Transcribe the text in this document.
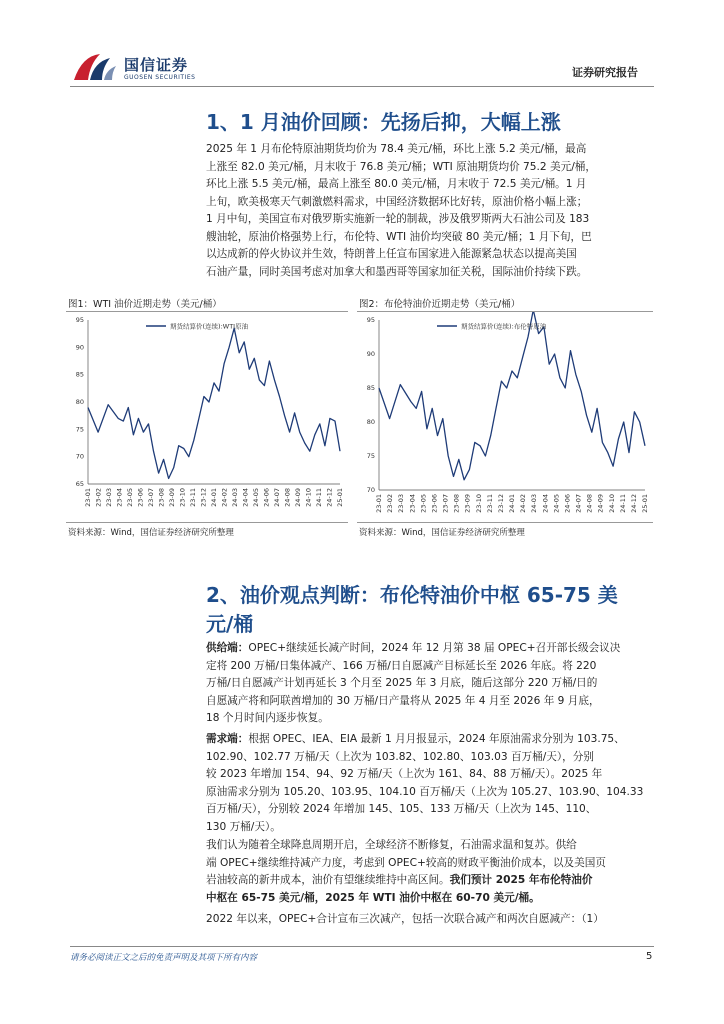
国信证券
GUOSEN SECURITIES	证券研究报告
1、1 月油价回顾：先扬后抑，大幅上涨
2025 年 1 月布伦特原油期货均价为 78.4 美元/桶，环比上涨 5.2 美元/桶，最高
上涨至 82.0 美元/桶，月末收于 76.8 美元/桶；WTI 原油期货均价 75.2 美元/桶，
环比上涨 5.5 美元/桶，最高上涨至 80.0 美元/桶，月末收于 72.5 美元/桶。1 月
上旬，欧美极寒天气刺激燃料需求，中国经济数据环比好转，原油价格小幅上涨；
1 月中旬，美国宣布对俄罗斯实施新一轮的制裁，涉及俄罗斯两大石油公司及 183
艘油轮，原油价格强势上行，布伦特、WTI 油价均突破 80 美元/桶；1 月下旬，巴
以达成新的停火协议并生效，特朗普上任宣布国家进入能源紧急状态以提高美国
石油产量，同时美国考虑对加拿大和墨西哥等国家加征关税，国际油价持续下跌。
图1：WTI 油价近期走势（美元/桶）
65
70
75
80
85
90
95
23-01 23-02 23-03 23-04 23-05 23-06 23-07 23-08 23-09 23-10 23-11 23-12 24-01 24-02 24-03 24-04 24-05 24-06 24-07 24-08 24-09 24-10 24-11 24-12 25-01
期货结算价(连续):WTI原油
资料来源：Wind，国信证券经济研究所整理
图2：布伦特油价近期走势（美元/桶）
70
75
80
85
90
95
23-01 23-02 23-03 23-04 23-05 23-06 23-07 23-08 23-09 23-10 23-11 23-12 24-01 24-02 24-03 24-04 24-05 24-06 24-07 24-08 24-09 24-10 24-11 24-12 25-01
期货结算价(连续):布伦特原油
资料来源：Wind，国信证券经济研究所整理
2、油价观点判断：布伦特油价中枢 65-75 美
元/桶
供给端：OPEC+继续延长减产时间，2024 年 12 月第 38 届 OPEC+召开部长级会议决
定将 200 万桶/日集体减产、166 万桶/日自愿减产目标延长至 2026 年底。将 220
万桶/日自愿减产计划再延长 3 个月至 2025 年 3 月底，随后这部分 220 万桶/日的
自愿减产将和阿联酋增加的 30 万桶/日产量将从 2025 年 4 月至 2026 年 9 月底，
18 个月时间内逐步恢复。
需求端：根据 OPEC、IEA、EIA 最新 1 月月报显示，2024 年原油需求分别为 103.75、
102.90、102.77 万桶/天（上次为 103.82、102.80、103.03 百万桶/天），分别
较 2023 年增加 154、94、92 万桶/天（上次为 161、84、88 万桶/天）。2025 年
原油需求分别为 105.20、103.95、104.10 百万桶/天（上次为 105.27、103.90、104.33
百万桶/天），分别较 2024 年增加 145、105、133 万桶/天（上次为 145、110、
130 万桶/天）。
我们认为随着全球降息周期开启，全球经济不断修复，石油需求温和复苏。供给
端 OPEC+继续维持减产力度，考虑到 OPEC+较高的财政平衡油价成本，以及美国页
岩油较高的新井成本，油价有望继续维持中高区间。我们预计 2025 年布伦特油价
中枢在 65-75 美元/桶，2025 年 WTI 油价中枢在 60-70 美元/桶。
2022 年以来，OPEC+合计宣布三次减产，包括一次联合减产和两次自愿减产：（1）
请务必阅读正文之后的免责声明及其项下所有内容	5
